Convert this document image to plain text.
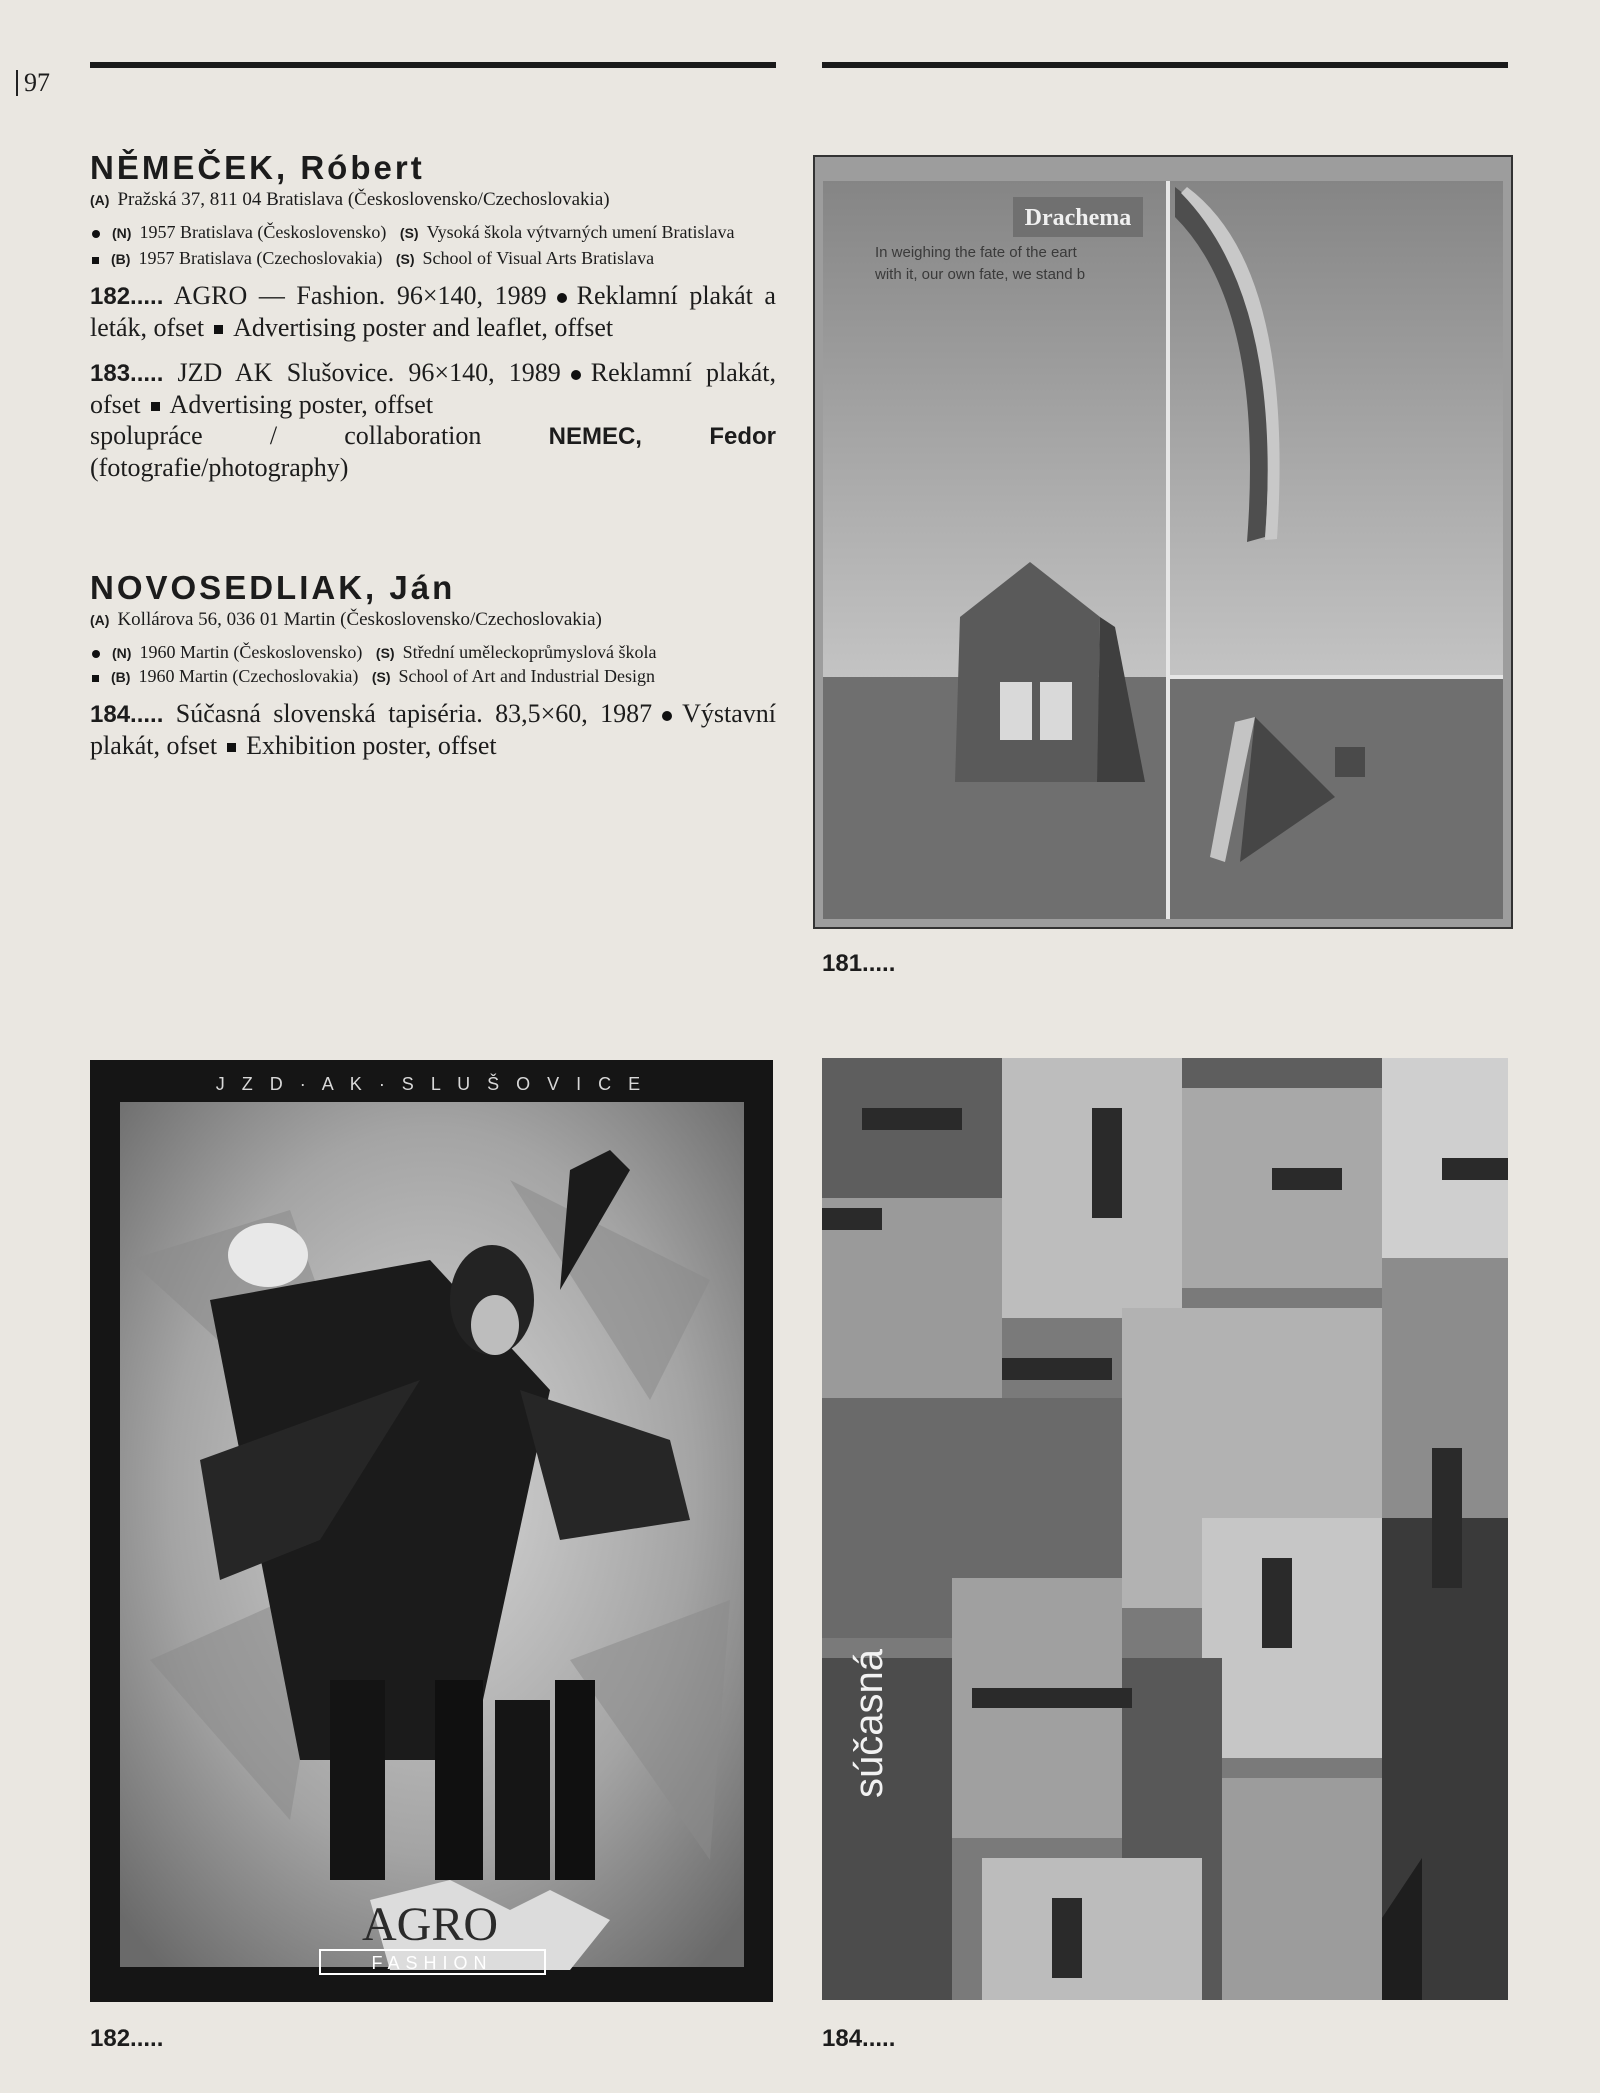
97
NĚMEČEK, Róbert

(A) Pražská 37, 811 04 Bratislava (Československo/Czechoslovakia)

(N) 1957 Bratislava (Československo) (S) Vysoká škola výtvarných umení Bratislava

(B) 1957 Bratislava (Czechoslovakia) (S) School of Visual Arts Bratislava

182..... AGRO — Fashion. 96×140, 1989 Reklamní plakát a leták, ofset Advertising poster and leaflet, offset

183..... JZD AK Slušovice. 96×140, 1989 Reklamní plakát, ofset Advertising poster, offset
spolupráce / collaboration	NEMEC, Fedor (fotografie/photography)

NOVOSEDLIAK, Ján

(A) Kollárova 56, 036 01 Martin (Československo/Czechoslovakia)

(N) 1960 Martin (Československo) (S) Střední uměleckoprůmyslová škola

(B) 1960 Martin (Czechoslovakia) (S) School of Art and Industrial Design

184..... Súčasná slovenská tapiséria. 83,5×60, 1987 Výstavní plakát, ofset Exhibition poster, offset

Drachema
In weighing the fate of the eart
with it, our own fate, we stand b
181.....
J Z D · A K · S L U Š O V I C E
AGRO
FASHION
182.....
súčasná
184.....
